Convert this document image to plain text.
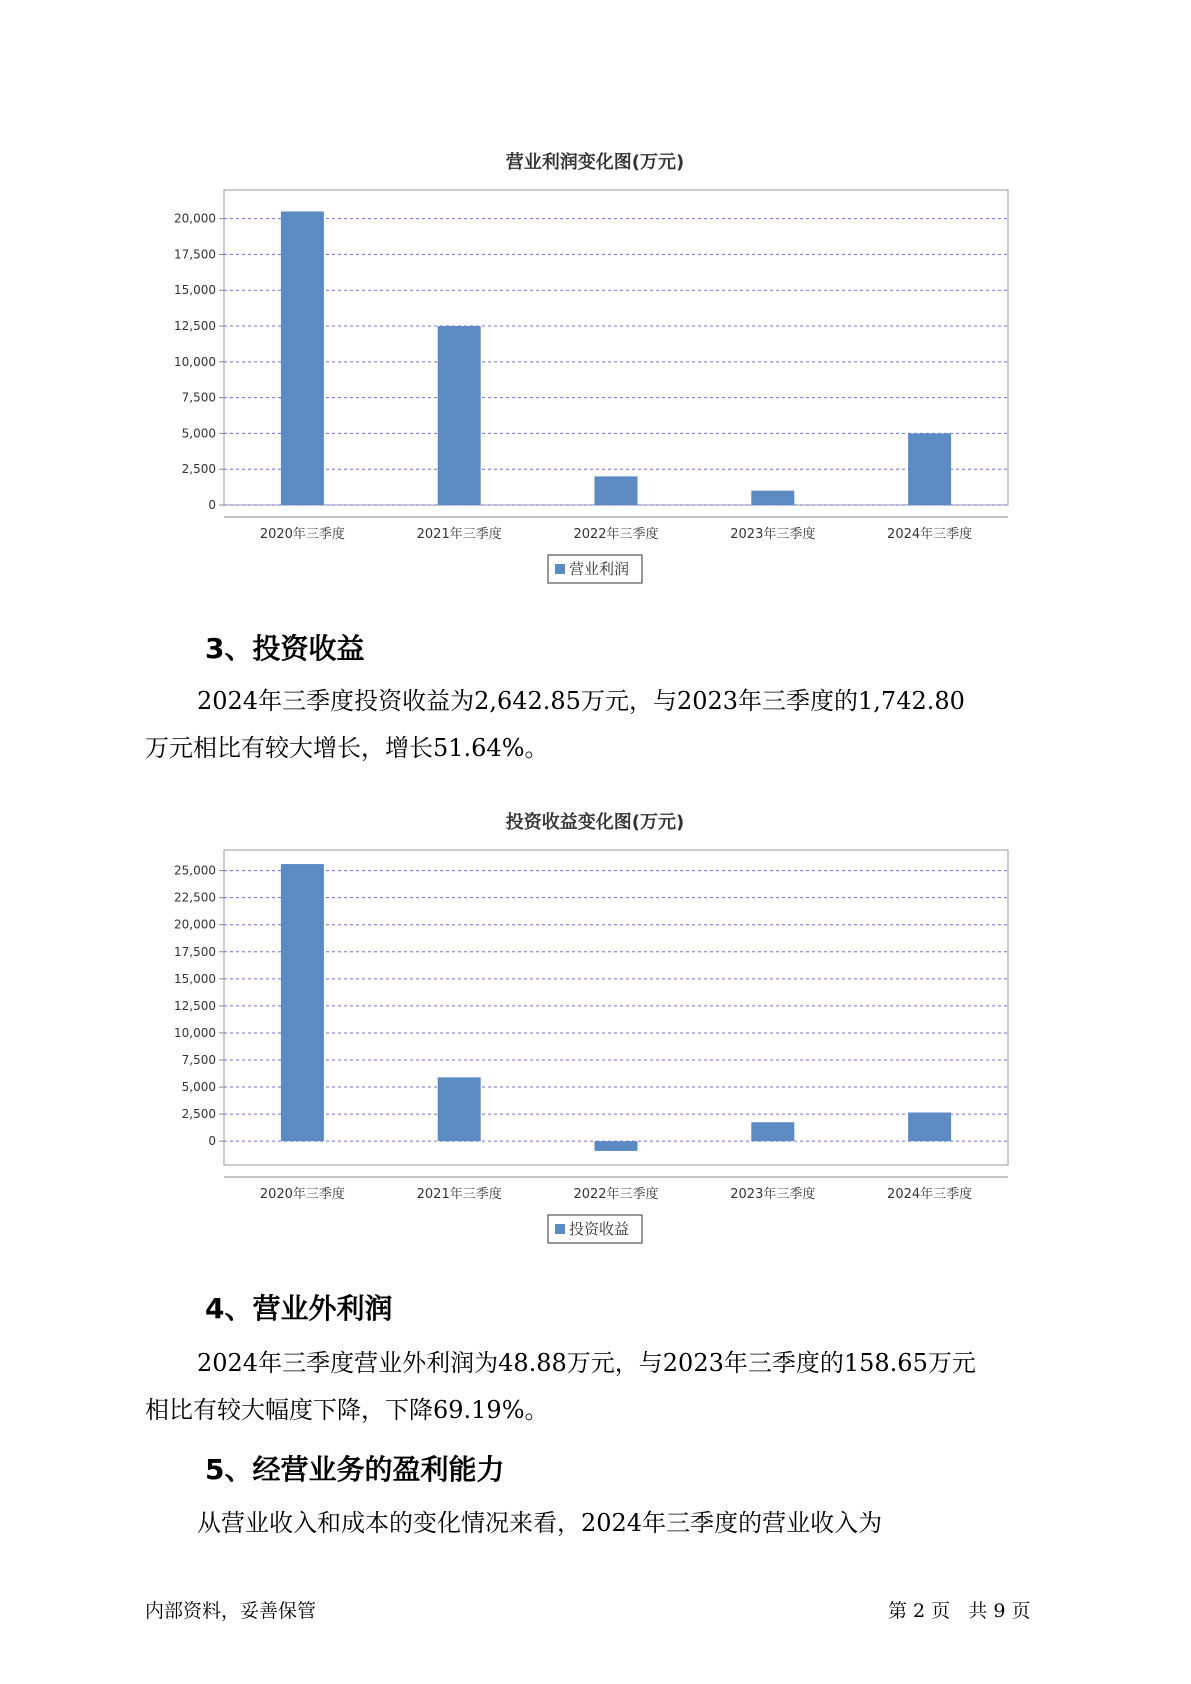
营业利润变化图(万元)
0
2,500
5,000
7,500
10,000
12,500
15,000
17,500
20,000
2020年三季度	2021年三季度	2022年三季度	2023年三季度	2024年三季度
营业利润
3、投资收益

2024年三季度投资收益为2,642.85万元，与2023年三季度的1,742.80
万元相比有较大增长，增长51.64%。

投资收益变化图(万元)
0
2,500
5,000
7,500
10,000
12,500
15,000
17,500
20,000
22,500
25,000
2020年三季度	2021年三季度	2022年三季度	2023年三季度	2024年三季度
投资收益
4、营业外利润

2024年三季度营业外利润为48.88万元，与2023年三季度的158.65万元
相比有较大幅度下降，下降69.19%。

5、经营业务的盈利能力

从营业收入和成本的变化情况来看，2024年三季度的营业收入为

内部资料，妥善保管	第 2 页   共 9 页
